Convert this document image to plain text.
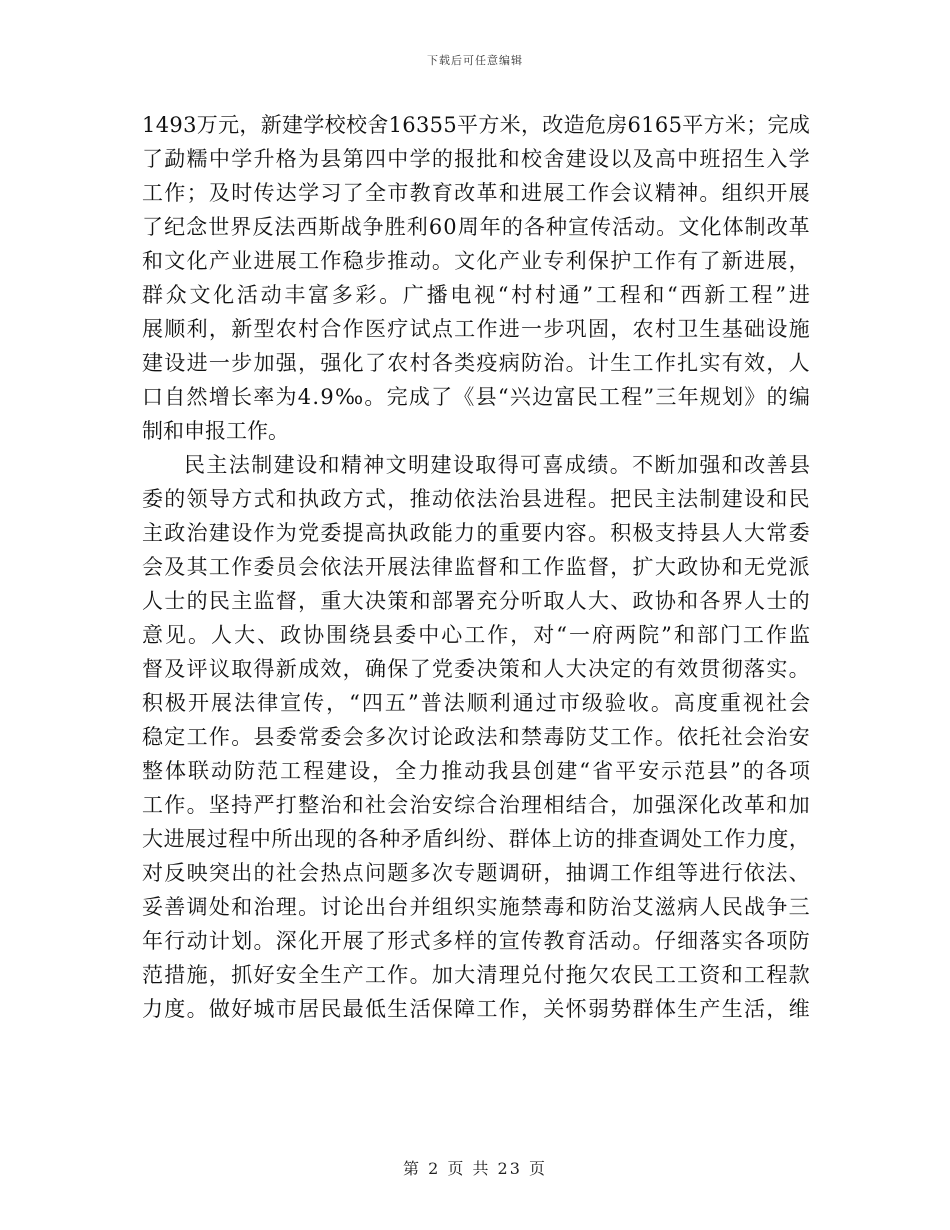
下载后可任意编辑
1 4 9 3 万 元 ， 新 建 学 校 校 舍 1 6 3 5 5 平 方 米 ， 改 造 危 房 6 1 6 5 平 方 米 ； 完 成
了 勐 糯 中 学 升 格 为 县 第 四 中 学 的 报 批 和 校 舍 建 设 以 及 高 中 班 招 生 入 学
工 作 ； 及 时 传 达 学 习 了 全 市 教 育 改 革 和 进 展 工 作 会 议 精 神 。 组 织 开 展
了 纪 念 世 界 反 法 西 斯 战 争 胜 利 6 0 周 年 的 各 种 宣 传 活 动 。 文 化 体 制 改 革
和 文 化 产 业 进 展 工 作 稳 步 推 动 。 文 化 产 业 专 利 保 护 工 作 有 了 新 进 展 ，
群 众 文 化 活 动 丰 富 多 彩 。 广 播 电 视 “ 村 村 通 ” 工 程 和 “ 西 新 工 程 ” 进
展 顺 利 ， 新 型 农 村 合 作 医 疗 试 点 工 作 进 一 步 巩 固 ， 农 村 卫 生 基 础 设 施
建 设 进 一 步 加 强 ， 强 化 了 农 村 各 类 疫 病 防 治 。 计 生 工 作 扎 实 有 效 ， 人
口 自 然 增 长 率 为 4 . 9 ‰ 。 完 成 了 《 县 “ 兴 边 富 民 工 程 ” 三 年 规 划 》 的 编
制和申报工作。
民 主 法 制 建 设 和 精 神 文 明 建 设 取 得 可 喜 成 绩 。 不 断 加 强 和 改 善 县
委 的 领 导 方 式 和 执 政 方 式 ， 推 动 依 法 治 县 进 程 。 把 民 主 法 制 建 设 和 民
主 政 治 建 设 作 为 党 委 提 高 执 政 能 力 的 重 要 内 容 。 积 极 支 持 县 人 大 常 委
会 及 其 工 作 委 员 会 依 法 开 展 法 律 监 督 和 工 作 监 督 ， 扩 大 政 协 和 无 党 派
人 士 的 民 主 监 督 ， 重 大 决 策 和 部 署 充 分 听 取 人 大 、 政 协 和 各 界 人 士 的
意 见 。 人 大 、 政 协 围 绕 县 委 中 心 工 作 ， 对 “ 一 府 两 院 ” 和 部 门 工 作 监
督 及 评 议 取 得 新 成 效 ， 确 保 了 党 委 决 策 和 人 大 决 定 的 有 效 贯 彻 落 实 。
积 极 开 展 法 律 宣 传 ， “ 四 五 ” 普 法 顺 利 通 过 市 级 验 收 。 高 度 重 视 社 会
稳 定 工 作 。 县 委 常 委 会 多 次 讨 论 政 法 和 禁 毒 防 艾 工 作 。 依 托 社 会 治 安
整 体 联 动 防 范 工 程 建 设 ， 全 力 推 动 我 县 创 建 “ 省 平 安 示 范 县 ” 的 各 项
工 作 。 坚 持 严 打 整 治 和 社 会 治 安 综 合 治 理 相 结 合 ， 加 强 深 化 改 革 和 加
大 进 展 过 程 中 所 出 现 的 各 种 矛 盾 纠 纷 、 群 体 上 访 的 排 查 调 处 工 作 力 度 ，
对 反 映 突 出 的 社 会 热 点 问 题 多 次 专 题 调 研 ， 抽 调 工 作 组 等 进 行 依 法 、
妥 善 调 处 和 治 理 。 讨 论 出 台 并 组 织 实 施 禁 毒 和 防 治 艾 滋 病 人 民 战 争 三
年 行 动 计 划 。 深 化 开 展 了 形 式 多 样 的 宣 传 教 育 活 动 。 仔 细 落 实 各 项 防
范 措 施 ， 抓 好 安 全 生 产 工 作 。 加 大 清 理 兑 付 拖 欠 农 民 工 工 资 和 工 程 款
力 度 。 做 好 城 市 居 民 最 低 生 活 保 障 工 作 ， 关 怀 弱 势 群 体 生 产 生 活 ， 维
第 2 页 共 23 页
